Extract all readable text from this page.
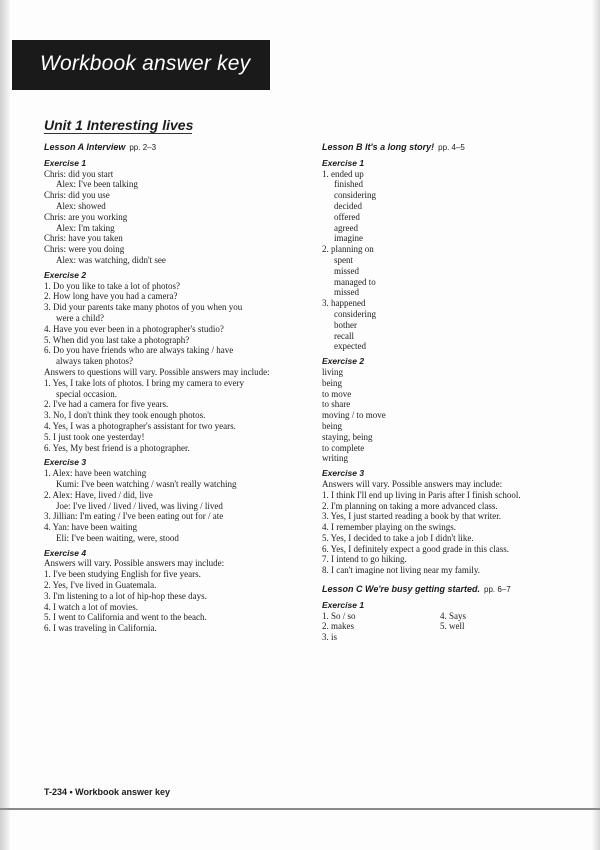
Workbook answer key
Unit 1 Interesting lives
Lesson A Interview pp. 2–3
Exercise 1
Chris: did you start
Alex: I've been talking
Chris: did you use
Alex: showed
Chris: are you working
Alex: I'm taking
Chris: have you taken
Chris: were you doing
Alex: was watching, didn't see
Exercise 2
1. Do you like to take a lot of photos?
2. How long have you had a camera?
3. Did your parents take many photos of you when you
were a child?
4. Have you ever been in a photographer's studio?
5. When did you last take a photograph?
6. Do you have friends who are always taking / have
always taken photos?
Answers to questions will vary. Possible answers may include:
1. Yes, I take lots of photos. I bring my camera to every
special occasion.
2. I've had a camera for five years.
3. No, I don't think they took enough photos.
4. Yes, I was a photographer's assistant for two years.
5. I just took one yesterday!
6. Yes, My best friend is a photographer.
Exercise 3
1. Alex: have been watching
Kumi: I've been watching / wasn't really watching
2. Alex: Have, lived / did, live
Joe: I've lived / lived / lived, was living / lived
3. Jillian: I'm eating / I've been eating out for / ate
4. Yan: have been waiting
Eli: I've been waiting, were, stood
Exercise 4
Answers will vary. Possible answers may include:
1. I've been studying English for five years.
2. Yes, I've lived in Guatemala.
3. I'm listening to a lot of hip-hop these days.
4. I watch a lot of movies.
5. I went to California and went to the beach.
6. I was traveling in California.
Lesson B It's a long story! pp. 4–5
Exercise 1
1. ended up
finished
considering
decided
offered
agreed
imagine
2. planning on
spent
missed
managed to
missed
3. happened
considering
bother
recall
expected
Exercise 2
living
being
to move
to share
moving / to move
being
staying, being
to complete
writing
Exercise 3
Answers will vary. Possible answers may include:
1. I think I'll end up living in Paris after I finish school.
2. I'm planning on taking a more advanced class.
3. Yes, I just started reading a book by that writer.
4. I remember playing on the swings.
5. Yes, I decided to take a job I didn't like.
6. Yes, I definitely expect a good grade in this class.
7. I intend to go hiking.
8. I can't imagine not living near my family.
Lesson C We're busy getting started. pp. 6–7
Exercise 1
1. So / so	4. Says
2. makes	5. well
3. is
T-234 • Workbook answer key
